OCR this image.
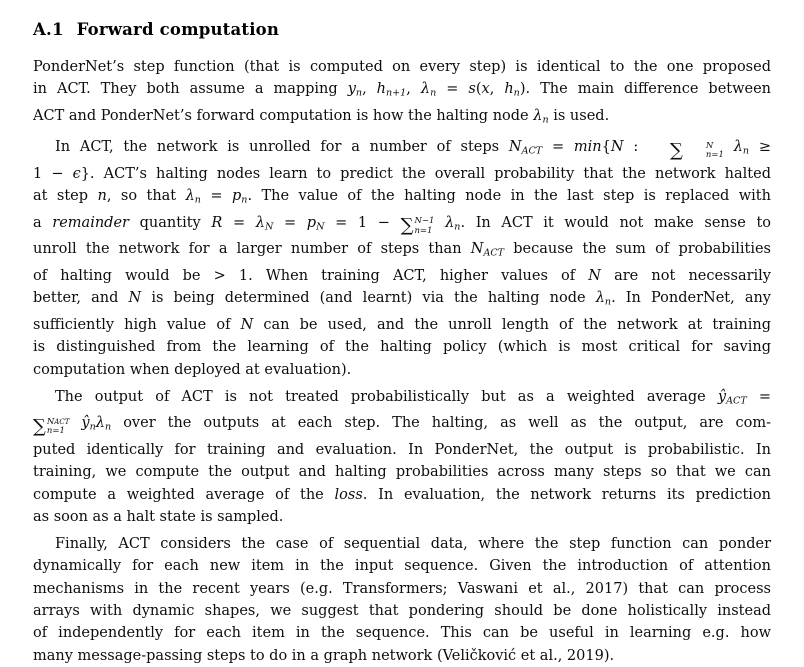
A.1 Forward computation
PonderNet’s step function (that is computed on every step) is identical to the one proposed
in ACT. They both assume a mapping yn, hn+1, λn = s(x, hn). The main difference between
ACT and PonderNet’s forward computation is how the halting node λn is used.
In ACT, the network is unrolled for a number of steps NACT = min{N :	∑	N
n=1 λn ≥
1 − ϵ}. ACT’s halting nodes learn to predict the overall probability that the network halted
at step n, so that λn = pn. The value of the halting node in the last step is replaced with
a remainder quantity R = λN = pN = 1 − ∑ N−1
n=1 λn. In ACT it would not make sense to
unroll the network for a larger number of steps than NACT because the sum of probabilities
of halting would be > 1. When training ACT, higher values of N are not necessarily
better, and N is being determined (and learnt) via the halting node λn. In PonderNet, any
sufficiently high value of N can be used, and the unroll length of the network at training
is distinguished from the learning of the halting policy (which is most critical for saving
computation when deployed at evaluation).
The output of ACT is not treated probabilistically but as a weighted average ŷACT =
∑ NACT
n=1	ŷnλn over the outputs at each step. The halting, as well as the output, are com-
puted identically for training and evaluation. In PonderNet, the output is probabilistic. In
training, we compute the output and halting probabilities across many steps so that we can
compute a weighted average of the loss. In evaluation, the network returns its prediction
as soon as a halt state is sampled.
Finally, ACT considers the case of sequential data, where the step function can ponder
dynamically for each new item in the input sequence. Given the introduction of attention
mechanisms in the recent years (e.g. Transformers; Vaswani et al., 2017) that can process
arrays with dynamic shapes, we suggest that pondering should be done holistically instead
of independently for each item in the sequence. This can be useful in learning e.g. how
many message-passing steps to do in a graph network (Veličković et al., 2019).
